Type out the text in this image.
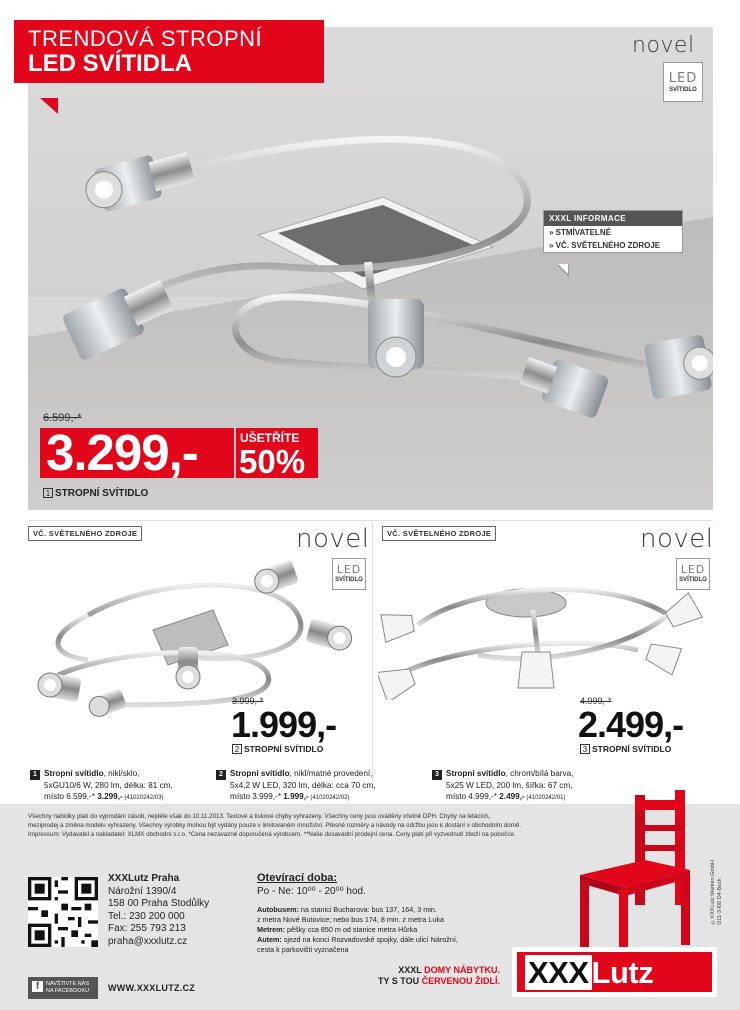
TRENDOVÁ STROPNÍ
LED SVÍTIDLA
novel
LED
SVÍTIDLO
XXXL INFORMACE
» STMÍVATELNÉ
» VČ. SVĚTELNÉHO ZDROJE
6.599,-*
3.299,-	UŠETŘÍTE
50%
1 STROPNÍ SVÍTIDLO
VČ. SVĚTELNÉHO ZDROJE	novel
LED
SVÍTIDLO
3.999,-*
1.999,-
2 STROPNÍ SVÍTIDLO
VČ. SVĚTELNÉHO ZDROJE	novel
LED
SVÍTIDLO
4.999,-*
2.499,-
3 STROPNÍ SVÍTIDLO
1 Stropní svítidlo, nikl/sklo,
5xGU10/6 W, 280 lm, délka: 81 cm,
místo 6.599,-* 3.299,- (41020242/03)
2 Stropní svítidlo, nikl/matné provedení,
5x4,2 W LED, 320 lm, délka: cca 70 cm,
místo 3.999,-* 1.999,- (41020242/02)
3 Stropní svítidlo, chrom/bílá barva,
5x25 W LED, 200 lm, šířka: 67 cm,
místo 4.999,-* 2.499,- (41020242/01)
Všechny nabídky platí do vyprodání zásob, nejdéle však do 10.11.2013. Textové a tiskové chyby vyhrazeny. Všechny ceny jsou uváděny včetně DPH. Chyby na letácích,
meziprodej a změna modelu vyhrazeny. Všechny výrobky mohou být vydány pouze v limitovaném množství. Přesné rozměry a návody na údržbu jsou k dostání v obchodním domě.
Impressum: Vydavatel a nakladatel: XLMX obchodní s.r.o. *Cena nezávazně doporučená výrobcem. **Naše dosavadní prodejní cena. Ceny platí při vyzvednutí zboží na pobočce.
©XXXLutz Marken GmbH D11-3-l08 D4-Bezk
XXXLutz Praha
Nárožní 1390/4
158 00 Praha Stodůlky
Tel.: 230 200 000
Fax: 255 793 213
praha@xxxlutz.cz
Otevírací doba:
Po - Ne: 10⁰⁰ - 20⁰⁰ hod.
Autobusem: na stanici Bucharova: bus 137, 164, 3 min.
z metra Nové Butovice; nebo bus 174, 8 min. z metra Luka
Metrem: pěšky cca 850 m od stanice metra Hůrka
Autem: sjezd na konci Rozvadovské spojky, dále ulicí Nárožní,
cesta k parkovišti vyznačena
f	NAVŠTIVTE NÁS
NA FACEBOOKU	WWW.XXXLUTZ.CZ
XXXL DOMY NÁBYTKU.
TY S TOU ČERVENOU ŽIDLÍ. XXXLutz
